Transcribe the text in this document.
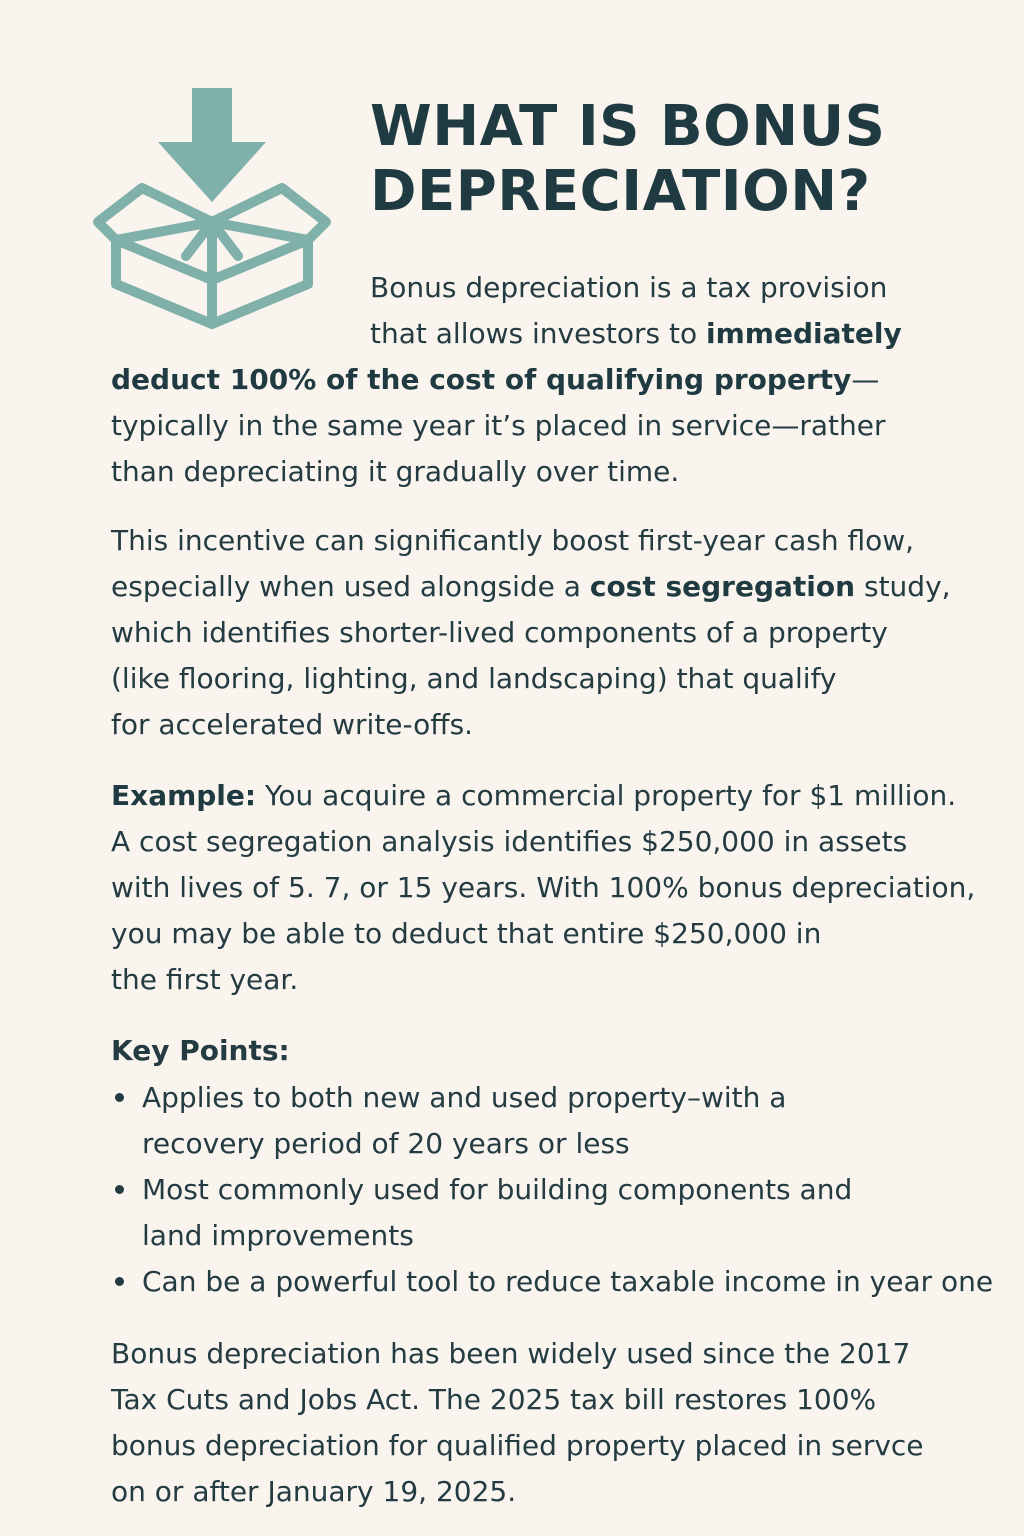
WHAT IS BONUS
DEPRECIATION?

Bonus depreciation is a tax provision
that allows investors to immediately
deduct 100% of the cost of qualifying property—
typically in the same year it’s placed in service—rather
than depreciating it gradually over time.

This incentive can significantly boost first-year cash flow,
especially when used alongside a cost segregation study,
which identifies shorter-lived components of a property
(like flooring, lighting, and landscaping) that qualify
for accelerated write-offs.

Example: You acquire a commercial property for $1 million.
A cost segregation analysis identifies $250,000 in assets
with lives of 5. 7, or 15 years. With 100% bonus depreciation,
you may be able to deduct that entire $250,000 in
the first year.

Key Points:

Applies to both new and used property–with a
recovery period of 20 years or less
Most commonly used for building components and
land improvements
Can be a powerful tool to reduce taxable income in year one

Bonus depreciation has been widely used since the 2017
Tax Cuts and Jobs Act. The 2025 tax bill restores 100%
bonus depreciation for qualified property placed in servce
on or after January 19, 2025.
